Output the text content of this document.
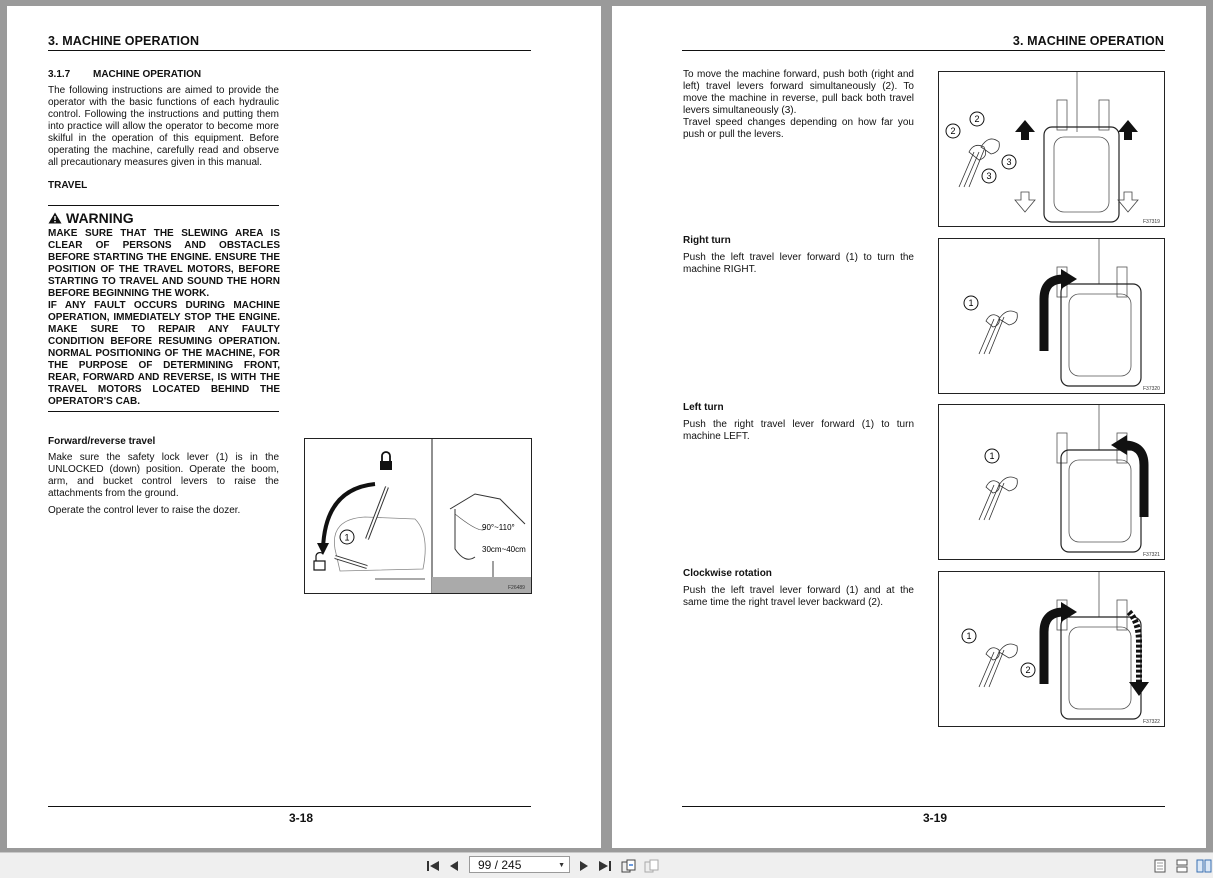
3. MACHINE OPERATION
3.1.7 MACHINE OPERATION
The following instructions are aimed to provide the operator with the basic functions of each hydraulic control. Following the instructions and putting them into practice will allow the operator to become more skilful in the operation of this equipment. Before operating the machine, carefully read and observe all precautionary measures given in this manual.
TRAVEL
WARNING
MAKE SURE THAT THE SLEWING AREA IS CLEAR OF PERSONS AND OBSTACLES BEFORE STARTING THE ENGINE. ENSURE THE POSITION OF THE TRAVEL MOTORS, BEFORE STARTING TO TRAVEL AND SOUND THE HORN BEFORE BEGINNING THE WORK.
IF ANY FAULT OCCURS DURING MACHINE OPERATION, IMMEDIATELY STOP THE ENGINE. MAKE SURE TO REPAIR ANY FAULTY CONDITION BEFORE RESUMING OPERATION. NORMAL POSITIONING OF THE MACHINE, FOR THE PURPOSE OF DETERMINING FRONT, REAR, FORWARD AND REVERSE, IS WITH THE TRAVEL MOTORS LOCATED BEHIND THE OPERATOR'S CAB.
Forward/reverse travel
Make sure the safety lock lever (1) is in the UNLOCKED (down) position. Operate the boom, arm, and bucket control levers to raise the attachments from the ground.
Operate the control lever to raise the dozer.
1
90°~110°
30cm~40cm
F26489
3-18
3. MACHINE OPERATION
To move the machine forward, push both (right and left) travel levers forward simultaneously (2). To move the machine in reverse, pull back both travel levers simultaneously (3).
Travel speed changes depending on how far you push or pull the levers.
Right turn
Push the left travel lever forward (1) to turn the machine RIGHT.
Left turn
Push the right travel lever forward (1) to turn machine LEFT.
Clockwise rotation
Push the left travel lever forward (1) and at the same time the right travel lever backward (2).
2
2
3
3
F37319
1
F37320
1
F37321
1
2
F37322
3-19
99 / 245	▼
